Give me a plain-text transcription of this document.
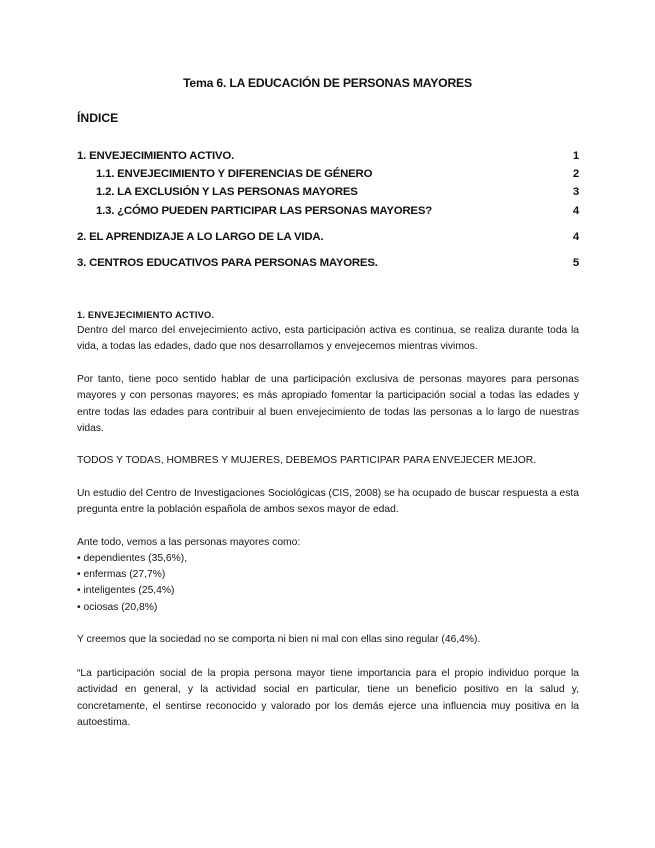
Tema 6. LA EDUCACIÓN DE PERSONAS MAYORES
ÍNDICE
1. ENVEJECIMIENTO ACTIVO.	1
1.1. ENVEJECIMIENTO Y DIFERENCIAS DE GÉNERO	2
1.2. LA EXCLUSIÓN Y LAS PERSONAS MAYORES	3
1.3. ¿CÓMO PUEDEN PARTICIPAR LAS PERSONAS MAYORES?	4
2. EL APRENDIZAJE A LO LARGO DE LA VIDA.	4
3. CENTROS EDUCATIVOS PARA PERSONAS MAYORES.	5
1. ENVEJECIMIENTO ACTIVO.
Dentro del marco del envejecimiento activo, esta participación activa es continua, se realiza durante toda la vida, a todas las edades, dado que nos desarrollamos y envejecemos mientras vivimos.
Por tanto, tiene poco sentido hablar de una participación exclusiva de personas mayores para personas mayores y con personas mayores; es más apropiado fomentar la participación social a todas las edades y entre todas las edades para contribuir al buen envejecimiento de todas las personas a lo largo de nuestras vidas.
TODOS Y TODAS, HOMBRES Y MUJERES, DEBEMOS PARTICIPAR PARA ENVEJECER MEJOR.
Un estudio del Centro de Investigaciones Sociológicas (CIS, 2008) se ha ocupado de buscar respuesta a esta pregunta entre la población española de ambos sexos mayor de edad.
Ante todo, vemos a las personas mayores como:
• dependientes (35,6%),
• enfermas (27,7%)
• inteligentes (25,4%)
• ociosas (20,8%)
Y creemos que la sociedad no se comporta ni bien ni mal con ellas sino regular (46,4%).
“La participación social de la propia persona mayor tiene importancia para el propio individuo porque la actividad en general, y la actividad social en particular, tiene un beneficio positivo en la salud y, concretamente, el sentirse reconocido y valorado por los demás ejerce una influencia muy positiva en la autoestima.
